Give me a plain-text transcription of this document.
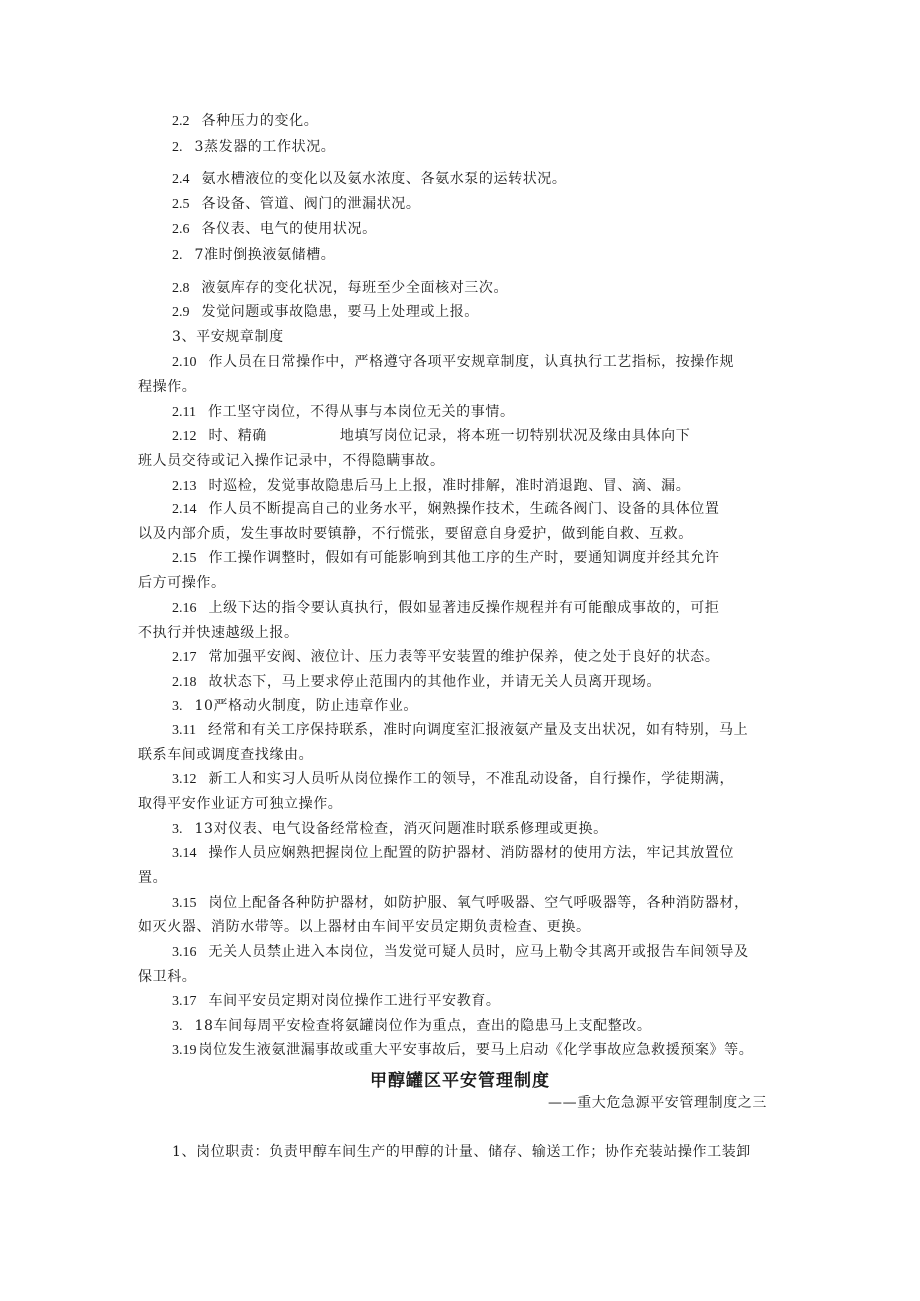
2.2 各种压力的变化。
2. 3蒸发器的工作状况。
2.4 氨水槽液位的变化以及氨水浓度、各氨水泵的运转状况。
2.5 各设备、管道、阀门的泄漏状况。
2.6 各仪表、电气的使用状况。
2. 7准时倒换液氨储槽。
2.8 液氨库存的变化状况，每班至少全面核对三次。
2.9 发觉问题或事故隐患，要马上处理或上报。
3、平安规章制度
2.10 作人员在日常操作中，严格遵守各项平安规章制度，认真执行工艺指标，按操作规
程操作。
2.11 作工坚守岗位，不得从事与本岗位无关的事情。
2.12 时、精确　　　　　地填写岗位记录，将本班一切特别状况及缘由具体向下
班人员交待或记入操作记录中，不得隐瞒事故。
2.13 时巡检，发觉事故隐患后马上上报，准时排解，准时消退跑、冒、滴、漏。
2.14 作人员不断提高自己的业务水平，娴熟操作技术，生疏各阀门、设备的具体位置
以及内部介质，发生事故时要镇静，不行慌张，要留意自身爱护，做到能自救、互救。
2.15 作工操作调整时，假如有可能影响到其他工序的生产时，要通知调度并经其允许
后方可操作。
2.16 上级下达的指令要认真执行，假如显著违反操作规程并有可能酿成事故的，可拒
不执行并快速越级上报。
2.17 常加强平安阀、液位计、压力表等平安装置的维护保养，使之处于良好的状态。
2.18 故状态下，马上要求停止范围内的其他作业，并请无关人员离开现场。
3. 10严格动火制度，防止违章作业。
3.11 经常和有关工序保持联系，准时向调度室汇报液氨产量及支出状况，如有特别，马上
联系车间或调度查找缘由。
3.12 新工人和实习人员听从岗位操作工的领导，不准乱动设备，自行操作，学徒期满，
取得平安作业证方可独立操作。
3. 13对仪表、电气设备经常检查，消灭问题准时联系修理或更换。
3.14 操作人员应娴熟把握岗位上配置的防护器材、消防器材的使用方法，牢记其放置位
置。
3.15 岗位上配备各种防护器材，如防护服、氧气呼吸器、空气呼吸器等，各种消防器材，
如灭火器、消防水带等。以上器材由车间平安员定期负责检查、更换。
3.16 无关人员禁止进入本岗位，当发觉可疑人员时，应马上勒令其离开或报告车间领导及
保卫科。
3.17 车间平安员定期对岗位操作工进行平安教育。
3. 18车间每周平安检查将氨罐岗位作为重点，查出的隐患马上支配整改。
3.19 岗位发生液氨泄漏事故或重大平安事故后，要马上启动《化学事故应急救援预案》等。
甲醇罐区平安管理制度
——重大危急源平安管理制度之三
1、岗位职责：负责甲醇车间生产的甲醇的计量、储存、输送工作；协作充装站操作工装卸
